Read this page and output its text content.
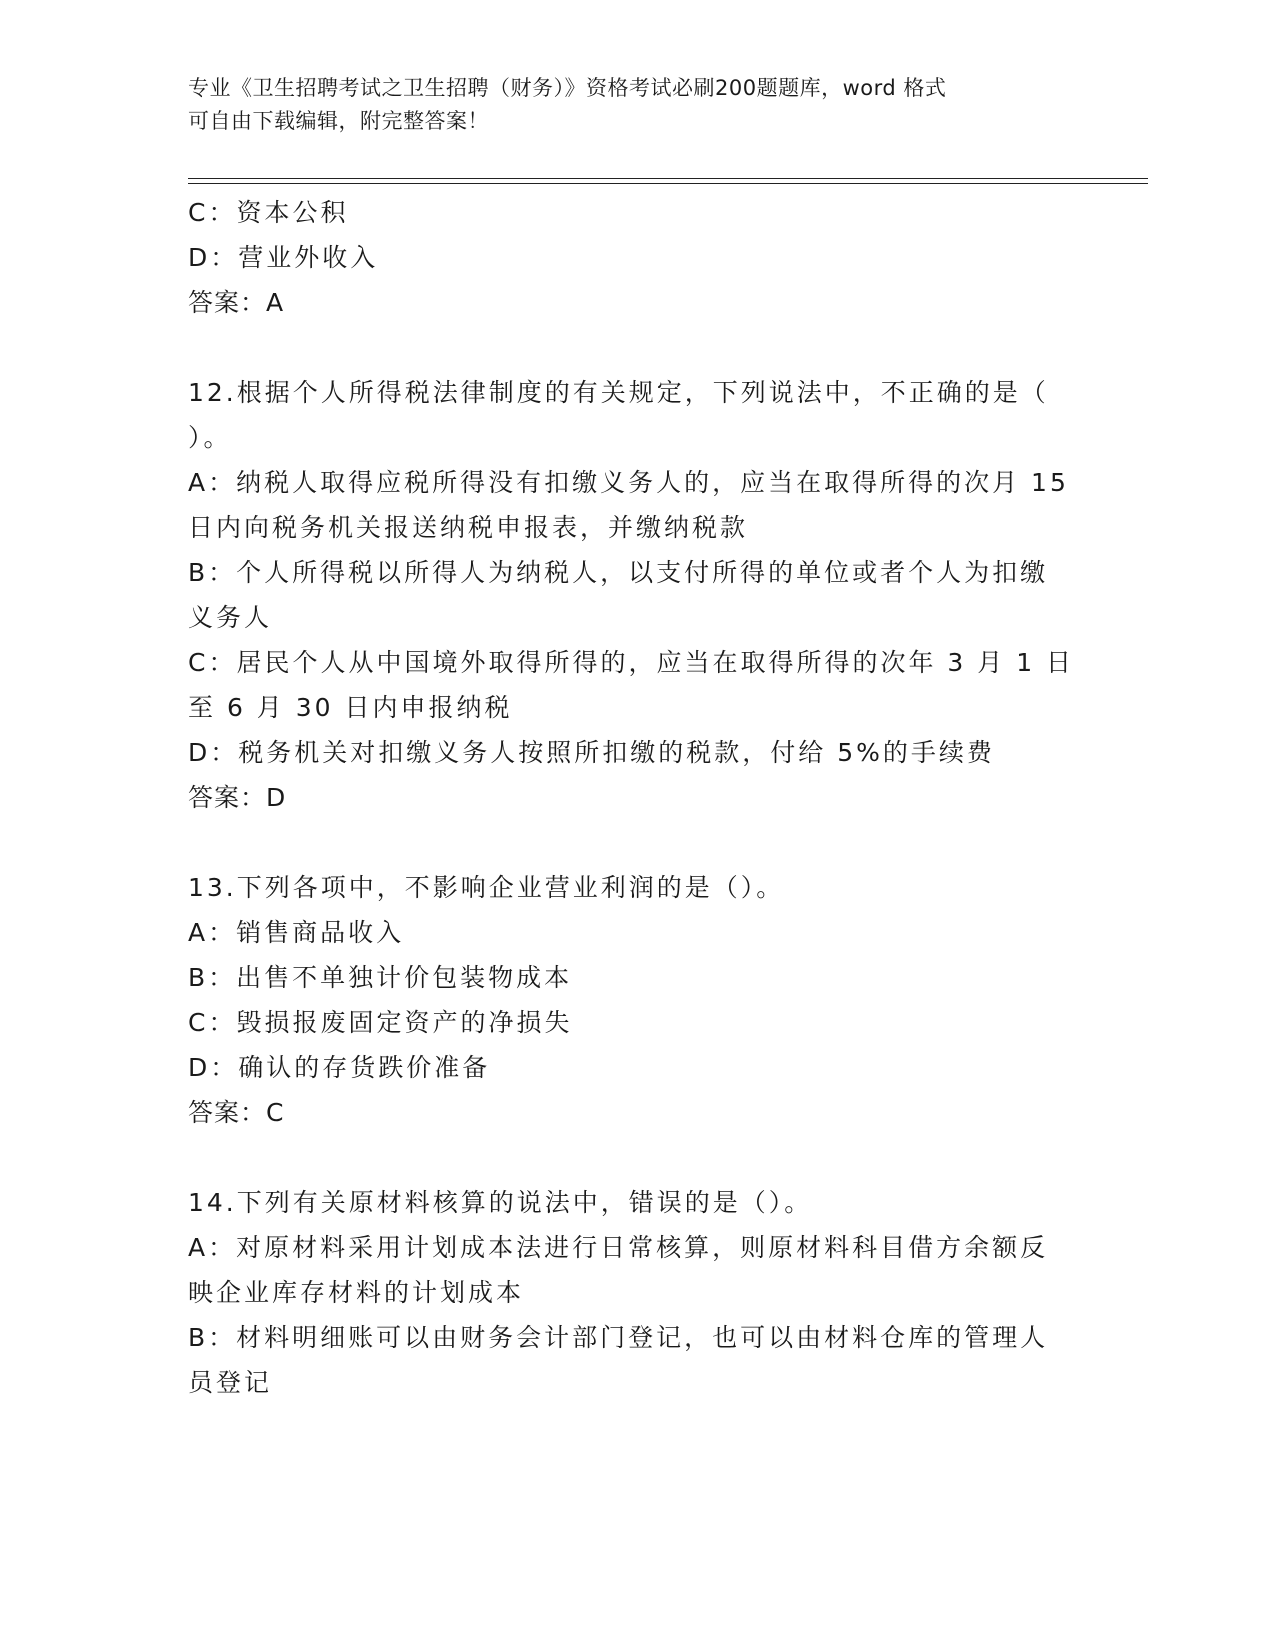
专业《卫生招聘考试之卫生招聘（财务）》资格考试必刷200题题库，word 格式
可自由下载编辑，附完整答案！

C：资本公积

D：营业外收入

答案：A

12.根据个人所得税法律制度的有关规定，下列说法中，不正确的是（

）。

A：纳税人取得应税所得没有扣缴义务人的，应当在取得所得的次月 15

日内向税务机关报送纳税申报表，并缴纳税款

B：个人所得税以所得人为纳税人，以支付所得的单位或者个人为扣缴

义务人

C：居民个人从中国境外取得所得的，应当在取得所得的次年 3 月 1 日

至 6 月 30 日内申报纳税

D：税务机关对扣缴义务人按照所扣缴的税款，付给 5%的手续费

答案：D

13.下列各项中，不影响企业营业利润的是（）。

A：销售商品收入

B：出售不单独计价包装物成本

C：毁损报废固定资产的净损失

D：确认的存货跌价准备

答案：C

14.下列有关原材料核算的说法中，错误的是（）。

A：对原材料采用计划成本法进行日常核算，则原材料科目借方余额反

映企业库存材料的计划成本

B：材料明细账可以由财务会计部门登记，也可以由材料仓库的管理人

员登记
